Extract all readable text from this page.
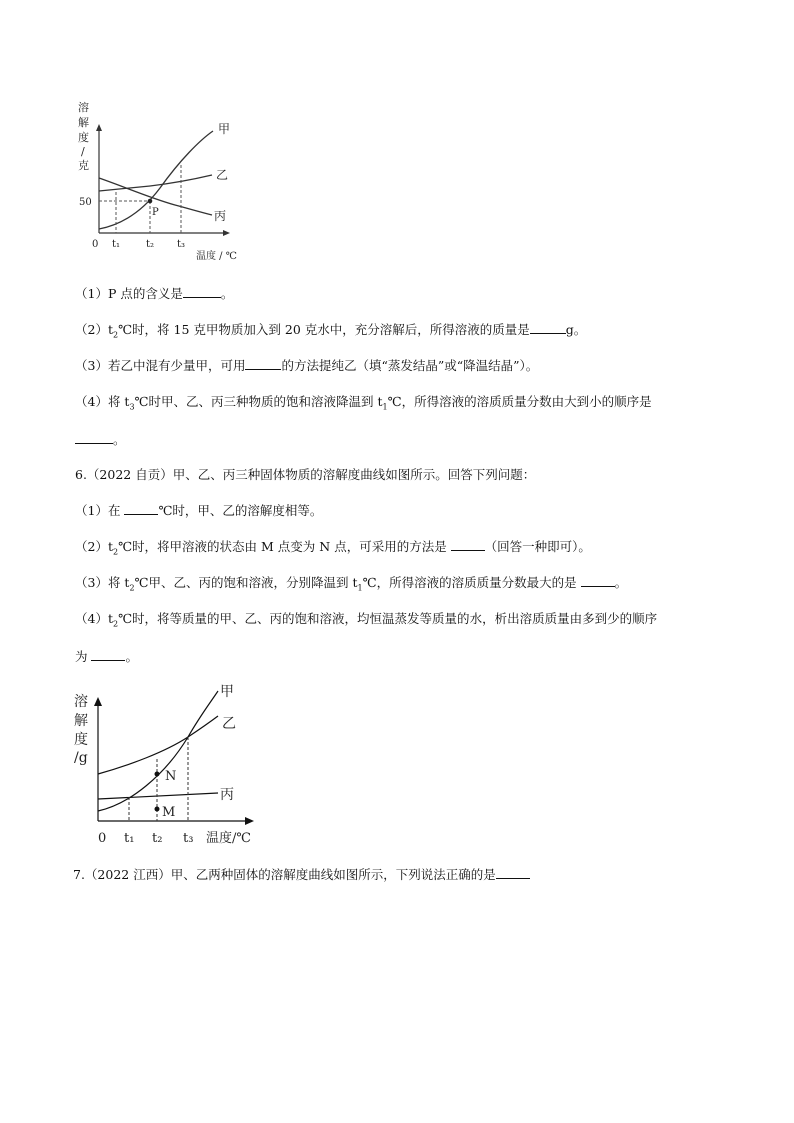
溶
解
度
/
克
50
0 t₁	t₂ t₃
温度 / ℃
P
甲
乙
丙
（1）P 点的含义是	。
$(2)t_2℃$时，将 15 克甲物质加入到 20 克水中，充分溶解后，所得溶液的质量是	g。
（3）若乙中混有少量甲，可用	的方法提纯乙（填“蒸发结晶”或“降温结晶”）。
（4）将 $t_3℃$时甲、乙、丙三种物质的饱和溶液降温到 $t_1℃$，所得溶液的溶质质量分数由大到小的顺序是
。
6.（2022 自贡）甲、乙、丙三种固体物质的溶解度曲线如图所示。回答下列问题：
（1）在	℃时，甲、乙的溶解度相等。
$(2)t_2℃$时，将甲溶液的状态由 M 点变为 N 点，可采用的方法是	（回答一种即可）。
（3）将 $t_2℃$甲、乙、丙的饱和溶液，分别降温到 $t_1℃$，所得溶液的溶质质量分数最大的是	。
$(4)t_2℃$时，将等质量的甲、乙、丙的饱和溶液，均恒温蒸发等质量的水，析出溶质质量由多到少的顺序
为	。
溶
解
度
/g
N
M
0 t₁ t₂ t₃ 温度/℃
甲
乙
丙
7.（2022 江西）甲、乙两种固体的溶解度曲线如图所示，下列说法正确的是
